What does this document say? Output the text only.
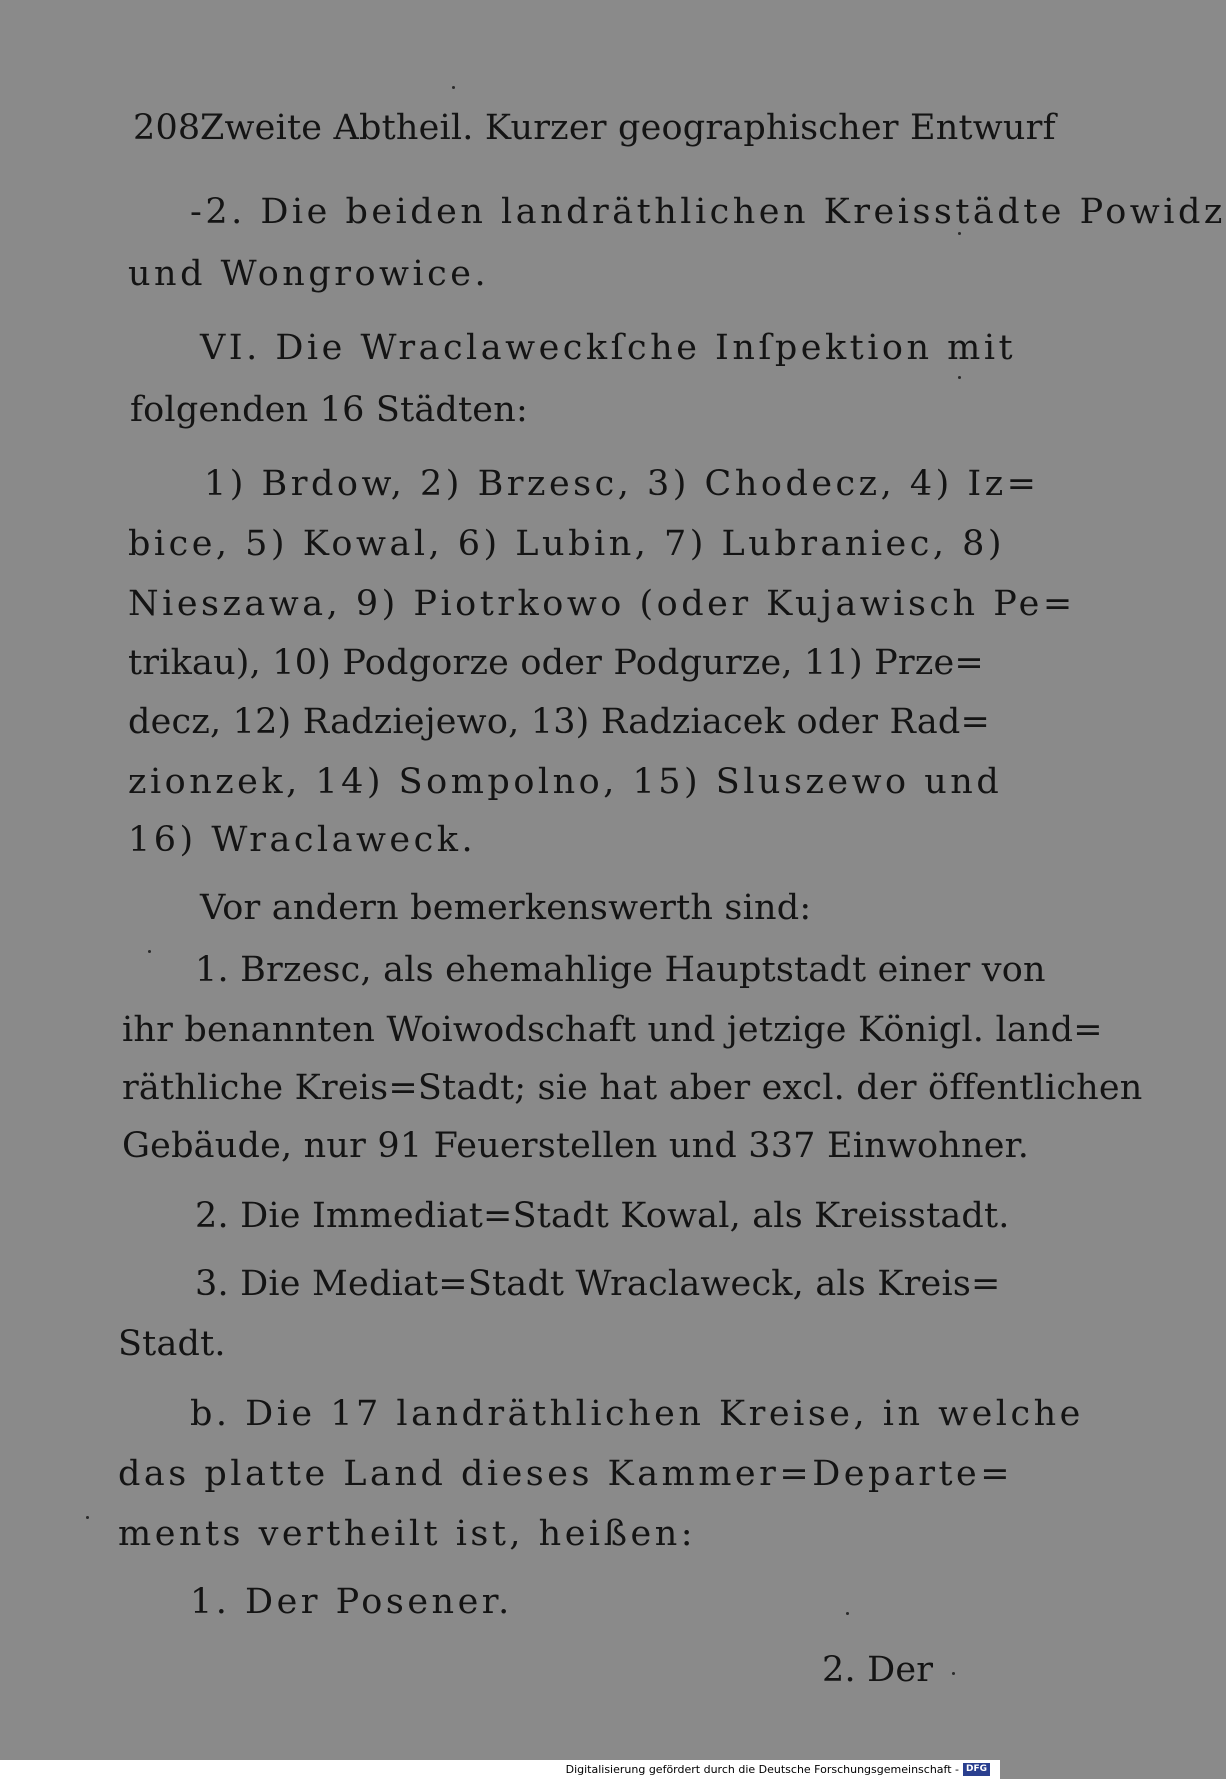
208 Zweite Abtheil. Kurzer geographischer Entwurf
-2. Die beiden landräthlichen Kreisstädte Powidz
und Wongrowice.
VI. Die Wraclaweckſche Inſpektion mit
folgenden 16 Städten:
1) Brdow, 2) Brzesc, 3) Chodecz, 4) Iz=
bice, 5) Kowal, 6) Lubin, 7) Lubraniec, 8)
Nieszawa, 9) Piotrkowo (oder Kujawisch Pe=
trikau), 10) Podgorze oder Podgurze, 11) Prze=
decz, 12) Radziejewo, 13) Radziacek oder Rad=
zionzek, 14) Sompolno, 15) Sluszewo und
16) Wraclaweck.
Vor andern bemerkenswerth sind:
1. Brzesc, als ehemahlige Hauptstadt einer von
ihr benannten Woiwodschaft und jetzige Königl. land=
räthliche Kreis=Stadt; sie hat aber excl. der öffentlichen
Gebäude, nur 91 Feuerstellen und 337 Einwohner.
2. Die Immediat=Stadt Kowal, als Kreisstadt.
3. Die Mediat=Stadt Wraclaweck, als Kreis=
Stadt.
b. Die 17 landräthlichen Kreise, in welche
das platte Land dieses Kammer=Departe=
ments vertheilt ist, heißen:
1. Der Posener.
2. Der
Digitalisierung gefördert durch die Deutsche Forschungsgemeinschaft - DFG
